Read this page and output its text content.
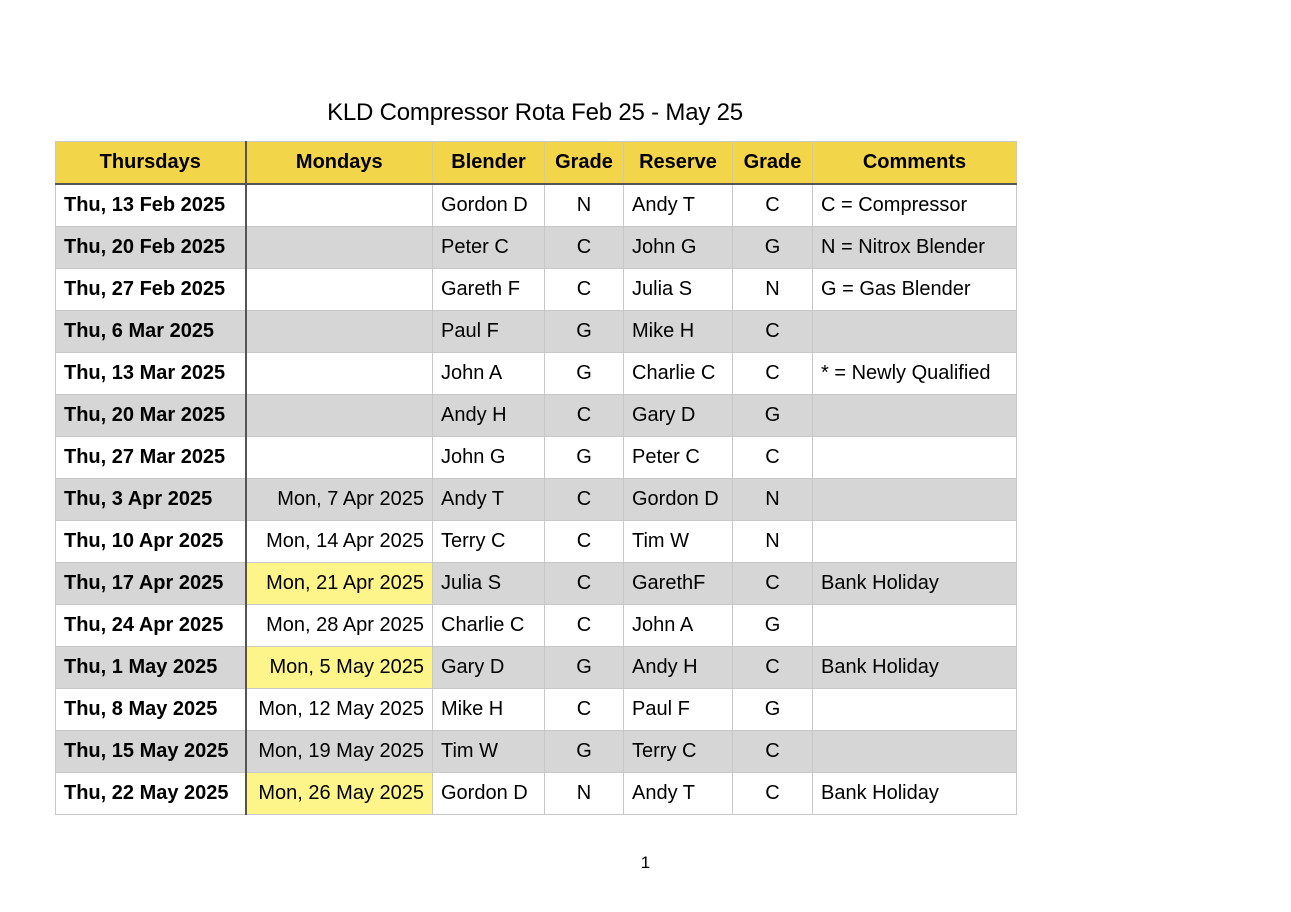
KLD Compressor Rota Feb 25 - May 25
Thursdays	Mondays	Blender	Grade	Reserve	Grade	Comments
Thu, 13 Feb 2025		Gordon D	N	Andy T	C	C = Compressor
Thu, 20 Feb 2025		Peter C	C	John G	G	N = Nitrox Blender
Thu, 27 Feb 2025		Gareth F	C	Julia S	N	G = Gas Blender
Thu, 6 Mar 2025		Paul F	G	Mike H	C	
Thu, 13 Mar 2025		John A	G	Charlie C	C	* = Newly Qualified
Thu, 20 Mar 2025		Andy H	C	Gary D	G	
Thu, 27 Mar 2025		John G	G	Peter C	C	
Thu, 3 Apr 2025	Mon, 7 Apr 2025	Andy T	C	Gordon D	N	
Thu, 10 Apr 2025	Mon, 14 Apr 2025	Terry C	C	Tim W	N	
Thu, 17 Apr 2025	Mon, 21 Apr 2025	Julia S	C	GarethF	C	Bank Holiday
Thu, 24 Apr 2025	Mon, 28 Apr 2025	Charlie C	C	John A	G	
Thu, 1 May 2025	Mon, 5 May 2025	Gary D	G	Andy H	C	Bank Holiday
Thu, 8 May 2025	Mon, 12 May 2025	Mike H	C	Paul F	G	
Thu, 15 May 2025	Mon, 19 May 2025	Tim W	G	Terry C	C	
Thu, 22 May 2025	Mon, 26 May 2025	Gordon D	N	Andy T	C	Bank Holiday
1
